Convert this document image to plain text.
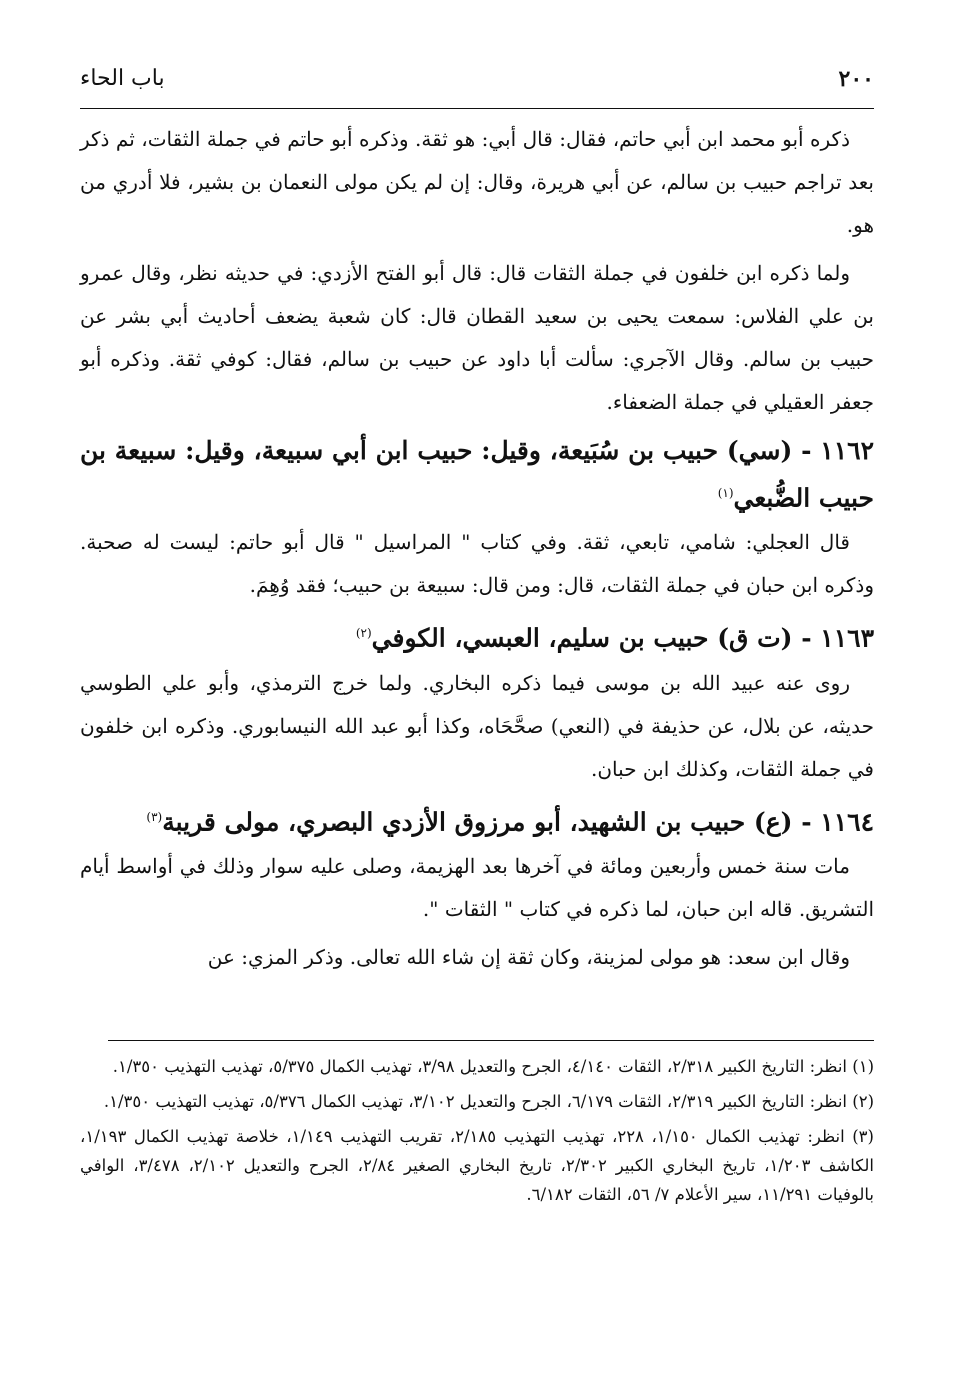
٢٠٠
باب الحاء

ذكره أبو محمد ابن أبي حاتم، فقال: قال أبي: هو ثقة. وذكره أبو حاتم في جملة الثقات، ثم ذكر بعد تراجم حبيب بن سالم، عن أبي هريرة، وقال: إن لم يكن مولى النعمان بن بشير، فلا أدري من هو.

ولما ذكره ابن خلفون في جملة الثقات قال: قال أبو الفتح الأزدي: في حديثه نظر، وقال عمرو بن علي الفلاس: سمعت يحيى بن سعيد القطان قال: كان شعبة يضعف أحاديث أبي بشر عن حبيب بن سالم. وقال الآجري: سألت أبا داود عن حبيب بن سالم، فقال: كوفي ثقة. وذكره أبو جعفر العقيلي في جملة الضعفاء.

١١٦٢ - (سي) حبيب بن سُبَيعة، وقيل: حبيب ابن أبي سبيعة، وقيل: سبيعة بن حبيب الضُّبعي$^{(١)}$

قال العجلي: شامي، تابعي، ثقة. وفي كتاب " المراسيل " قال أبو حاتم: ليست له صحبة. وذكره ابن حبان في جملة الثقات، قال: ومن قال: سبيعة بن حبيب؛ فقد وُهِمَ.

١١٦٣ - (ت ق) حبيب بن سليم، العبسي، الكوفي$^{(٢)}$

روى عنه عبيد الله بن موسى فيما ذكره البخاري. ولما خرج الترمذي، وأبو علي الطوسي حديثه، عن بلال، عن حذيفة في (النعي) صحَّحَاه، وكذا أبو عبد الله النيسابوري. وذكره ابن خلفون في جملة الثقات، وكذلك ابن حبان.

١١٦٤ - (ع) حبيب بن الشهيد، أبو مرزوق الأزدي البصري، مولى قريبة$^{(٣)}$

مات سنة خمس وأربعين ومائة في آخرها بعد الهزيمة، وصلى عليه سوار وذلك في أواسط أيام التشريق. قاله ابن حبان، لما ذكره في كتاب " الثقات ".

وقال ابن سعد: هو مولى لمزينة، وكان ثقة إن شاء الله تعالى. وذكر المزي: عن

(١) انظر: التاريخ الكبير ٢/٣١٨، الثقات ٤/١٤٠، الجرح والتعديل ٣/٩٨، تهذيب الكمال ٥/٣٧٥، تهذيب التهذيب ١/٣٥٠.

(٢) انظر: التاريخ الكبير ٢/٣١٩، الثقات ٦/١٧٩، الجرح والتعديل ٣/١٠٢، تهذيب الكمال ٥/٣٧٦، تهذيب التهذيب ١/٣٥٠.

(٣) انظر: تهذيب الكمال ١/١٥٠، ٢٢٨، تهذيب التهذيب ٢/١٨٥، تقريب التهذيب ١/١٤٩، خلاصة تهذيب الكمال ١/١٩٣، الكاشف ١/٢٠٣، تاريخ البخاري الكبير ٢/٣٠٢، تاريخ البخاري الصغير ٢/٨٤، الجرح والتعديل ٢/١٠٢، ٣/٤٧٨، الوافي بالوفيات ١١/٢٩١، سير الأعلام ٧/ ٥٦، الثقات ٦/١٨٢.
